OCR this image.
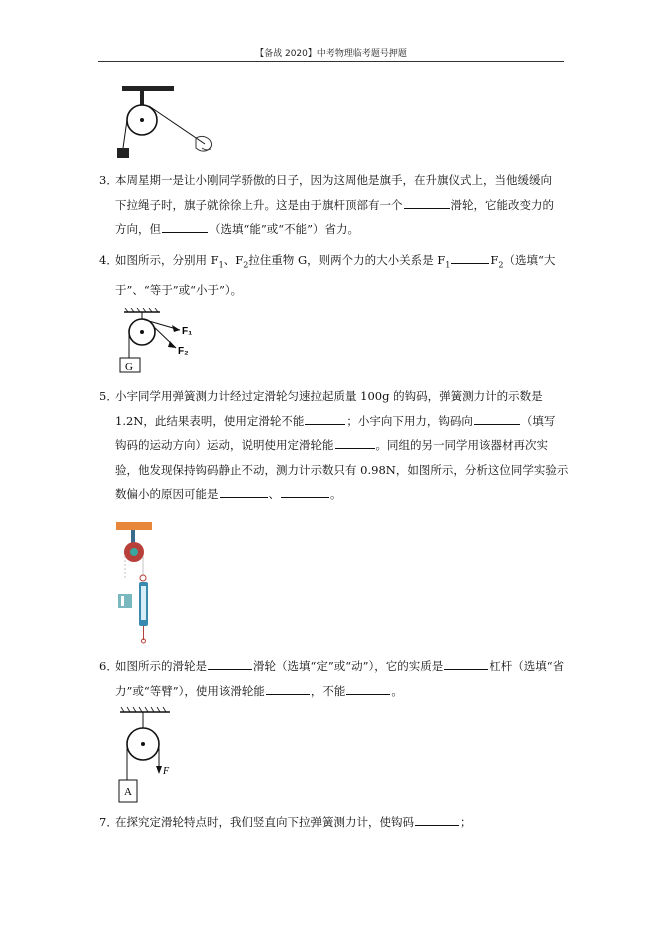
【备战 2020】中考物理临考题号押题

3．本周星期一是让小刚同学骄傲的日子，因为这周他是旗手，在升旗仪式上，当他缓缓向

下拉绳子时，旗子就徐徐上升。这是由于旗杆顶部有一个	滑轮，它能改变力的

方向，但	（选填“能”或“不能”）省力。

4．如图所示，分别用 $F_1$、$F_2$拉住重物 G，则两个力的大小关系是 $F_1$	$F_2$（选填“大

于”、“等于”或“小于”）。

G
F₁
F₂

5．小宇同学用弹簧测力计经过定滑轮匀速拉起质量 100g 的钩码，弹簧测力计的示数是

1.2N，此结果表明，使用定滑轮不能	；小宇向下用力，钩码向	（填写

钩码的运动方向）运动，说明使用定滑轮能	。同组的另一同学用该器材再次实

验，他发现保持钩码静止不动，测力计示数只有 0.98N，如图所示，分析这位同学实验示

数偏小的原因可能是	、	。

6．如图所示的滑轮是	滑轮（选填“定”或“动”），它的实质是	杠杆（选填“省

力”或“等臂”），使用该滑轮能	，不能	。

F
A

7．在探究定滑轮特点时，我们竖直向下拉弹簧测力计，使钩码	；
